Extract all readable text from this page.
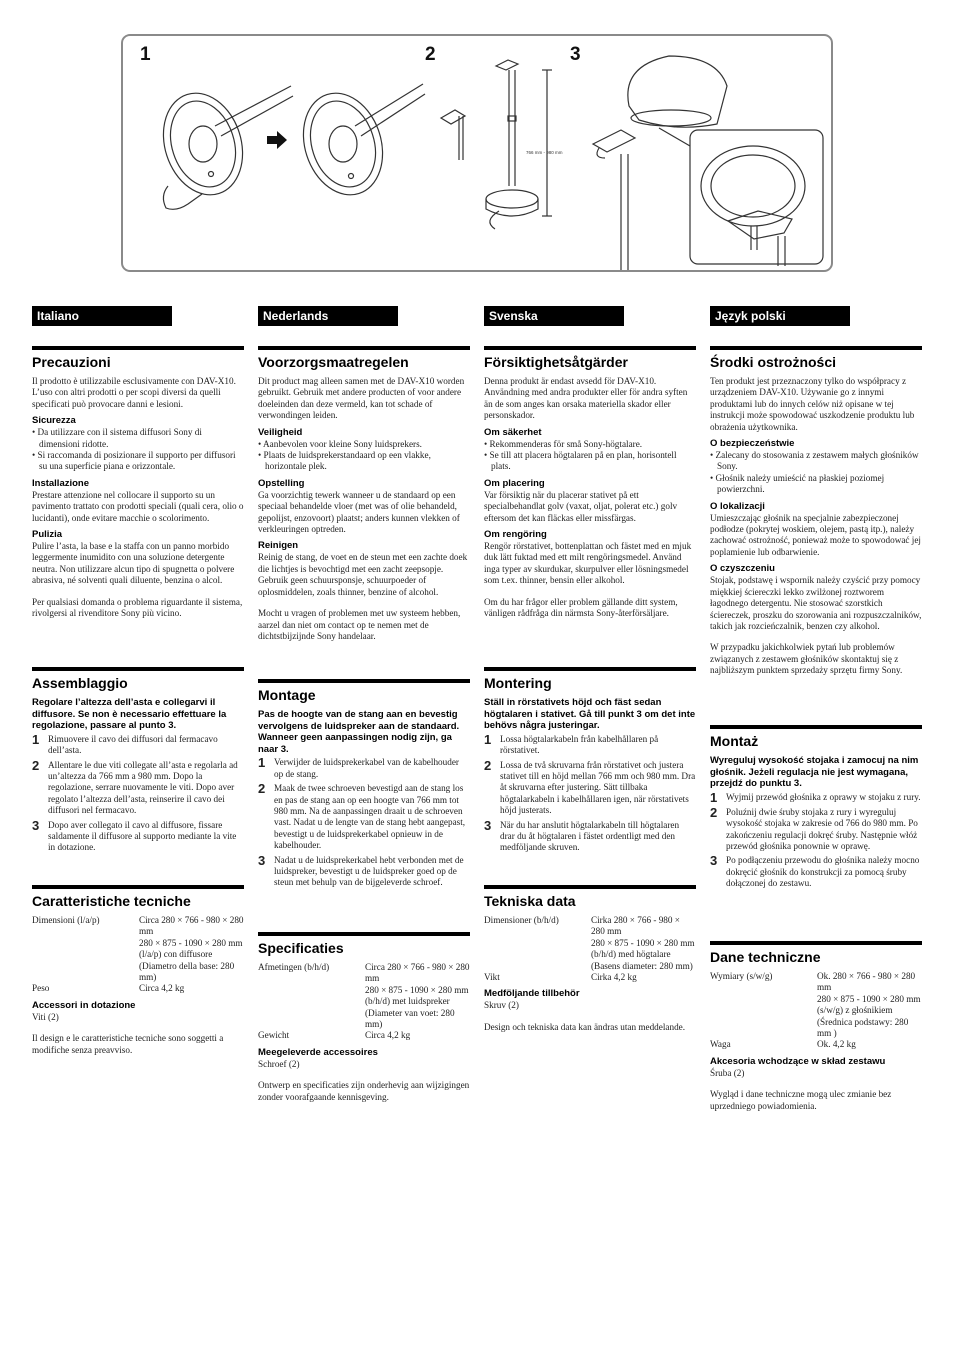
1	2	3
766 mm - 980 mm
Italiano
Precauzioni
Il prodotto è utilizzabile esclusivamente con DAV-X10. L’uso con altri prodotti o per scopi diversi da quelli specificati può provocare danni e lesioni.
Sicurezza
• Da utilizzare con il sistema diffusori Sony di dimensioni ridotte.
• Si raccomanda di posizionare il supporto per diffusori su una superficie piana e orizzontale.
Installazione
Prestare attenzione nel collocare il supporto su un pavimento trattato con prodotti speciali (quali cera, olio o lucidanti), onde evitare macchie o scolorimento.
Pulizia
Pulire l’asta, la base e la staffa con un panno morbido leggermente inumidito con una soluzione detergente neutra. Non utilizzare alcun tipo di spugnetta o polvere abrasiva, né solventi quali diluente, benzina o alcol.
Per qualsiasi domanda o problema riguardante il sistema, rivolgersi al rivenditore Sony più vicino.
Assemblaggio
Regolare l’altezza dell’asta e collegarvi il diffusore. Se non è necessario effettuare la regolazione, passare al punto 3.
1 Rimuovere il cavo dei diffusori dal fermacavo dell’asta.
2 Allentare le due viti collegate all’asta e regolarla ad un’altezza da 766 mm a 980 mm. Dopo la regolazione, serrare nuovamente le viti. Dopo aver regolato l’altezza dell’asta, reinserire il cavo dei diffusori nel fermacavo.
3 Dopo aver collegato il cavo al diffusore, fissare saldamente il diffusore al supporto mediante la vite in dotazione.
Caratteristiche tecniche
Dimensioni (l/a/p)	Circa 280 × 766 - 980 × 280 mm
280 × 875 - 1090 × 280 mm (l/a/p) con diffusore
(Diametro della base: 280 mm)
Peso	Circa 4,2 kg
Accessori in dotazione
Viti (2)
Il design e le caratteristiche tecniche sono soggetti a modifiche senza preavviso.
Nederlands
Voorzorgsmaatregelen
Dit product mag alleen samen met de DAV-X10 worden gebruikt. Gebruik met andere producten of voor andere doeleinden dan deze vermeld, kan tot schade of verwondingen leiden.
Veiligheid
• Aanbevolen voor kleine Sony luidsprekers.
• Plaats de luidsprekerstandaard op een vlakke, horizontale plek.
Opstelling
Ga voorzichtig tewerk wanneer u de standaard op een speciaal behandelde vloer (met was of olie behandeld, gepolijst, enzovoort) plaatst; anders kunnen vlekken of verkleuringen optreden.
Reinigen
Reinig de stang, de voet en de steun met een zachte doek die lichtjes is bevochtigd met een zacht zeepsopje. Gebruik geen schuursponsje, schuurpoeder of oplosmiddelen, zoals thinner, benzine of alcohol.
Mocht u vragen of problemen met uw systeem hebben, aarzel dan niet om contact op te nemen met de dichtstbijzijnde Sony handelaar.
Montage
Pas de hoogte van de stang aan en bevestig vervolgens de luidspreker aan de standaard. Wanneer geen aanpassingen nodig zijn, ga naar 3.
1 Verwijder de luidsprekerkabel van de kabelhouder op de stang.
2 Maak de twee schroeven bevestigd aan de stang los en pas de stang aan op een hoogte van 766 mm tot 980 mm. Na de aanpassingen draait u de schroeven vast. Nadat u de lengte van de stang hebt aangepast, bevestigt u de luidsprekerkabel opnieuw in de kabelhouder.
3 Nadat u de luidsprekerkabel hebt verbonden met de luidspreker, bevestigt u de luidspreker goed op de steun met behulp van de bijgeleverde schroef.
Specificaties
Afmetingen (b/h/d)	Circa 280 × 766 - 980 × 280 mm
280 × 875 - 1090 × 280 mm (b/h/d) met luidspreker
(Diameter van voet: 280 mm)
Gewicht	Circa 4,2 kg
Meegeleverde accessoires
Schroef (2)
Ontwerp en specificaties zijn onderhevig aan wijzigingen zonder voorafgaande kennisgeving.
Svenska
Försiktighetsåtgärder
Denna produkt är endast avsedd för DAV-X10. Användning med andra produkter eller för andra syften än de som anges kan orsaka materiella skador eller personskador.
Om säkerhet
• Rekommenderas för små Sony-högtalare.
• Se till att placera högtalaren på en plan, horisontell plats.
Om placering
Var försiktig när du placerar stativet på ett specialbehandlat golv (vaxat, oljat, polerat etc.) golv eftersom det kan fläckas eller missfärgas.
Om rengöring
Rengör rörstativet, bottenplattan och fästet med en mjuk duk lätt fuktad med ett milt rengöringsmedel. Använd inga typer av skurdukar, skurpulver eller lösningsmedel som t.ex. thinner, bensin eller alkohol.
Om du har frågor eller problem gällande ditt system, vänligen rådfråga din närmsta Sony-återförsäljare.
Montering
Ställ in rörstativets höjd och fäst sedan högtalaren i stativet. Gå till punkt 3 om det inte behövs några justeringar.
1 Lossa högtalarkabeln från kabelhållaren på rörstativet.
2 Lossa de två skruvarna från rörstativet och justera stativet till en höjd mellan 766 mm och 980 mm. Dra åt skruvarna efter justering. Sätt tillbaka högtalarkabeln i kabelhållaren igen, när rörstativets höjd justerats.
3 När du har anslutit högtalarkabeln till högtalaren drar du åt högtalaren i fästet ordentligt med den medföljande skruven.
Tekniska data
Dimensioner (b/h/d)	Cirka 280 × 766 - 980 × 280 mm
280 × 875 - 1090 × 280 mm (b/h/d) med högtalare
(Basens diameter: 280 mm)
Vikt	Cirka 4,2 kg
Medföljande tillbehör
Skruv (2)
Design och tekniska data kan ändras utan meddelande.
Język polski
Środki ostrożności
Ten produkt jest przeznaczony tylko do współpracy z urządzeniem DAV-X10. Używanie go z innymi produktami lub do innych celów niż opisane w tej instrukcji może spowodować uszkodzenie produktu lub obrażenia użytkownika.
O bezpieczeństwie
• Zalecany do stosowania z zestawem małych głośników Sony.
• Głośnik należy umieścić na płaskiej poziomej powierzchni.
O lokalizacji
Umieszczając głośnik na specjalnie zabezpieczonej podłodze (pokrytej woskiem, olejem, pastą itp.), należy zachować ostrożność, ponieważ może to spowodować jej poplamienie lub odbarwienie.
O czyszczeniu
Stojak, podstawę i wspornik należy czyścić przy pomocy miękkiej ściereczki lekko zwilżonej roztworem łagodnego detergentu. Nie stosować szorstkich ściereczek, proszku do szorowania ani rozpuszczalników, takich jak rozcieńczalnik, benzen czy alkohol.
W przypadku jakichkolwiek pytań lub problemów związanych z zestawem głośników skontaktuj się z najbliższym punktem sprzedaży sprzętu firmy Sony.
Montaż
Wyreguluj wysokość stojaka i zamocuj na nim głośnik. Jeżeli regulacja nie jest wymagana, przejdź do punktu 3.
1 Wyjmij przewód głośnika z oprawy w stojaku z rury.
2 Poluźnij dwie śruby stojaka z rury i wyreguluj wysokość stojaka w zakresie od 766 do 980 mm. Po zakończeniu regulacji dokręć śruby. Następnie włóż przewód głośnika ponownie w oprawę.
3 Po podłączeniu przewodu do głośnika należy mocno dokręcić głośnik do konstrukcji za pomocą śruby dołączonej do zestawu.
Dane techniczne
Wymiary (s/w/g)	Ok. 280 × 766 - 980 × 280 mm
280 × 875 - 1090 × 280 mm (s/w/g) z głośnikiem
(Średnica podstawy: 280 mm )
Waga	Ok. 4,2 kg
Akcesoria wchodzące w skład zestawu
Śruba (2)
Wygląd i dane techniczne mogą ulec zmianie bez uprzedniego powiadomienia.
